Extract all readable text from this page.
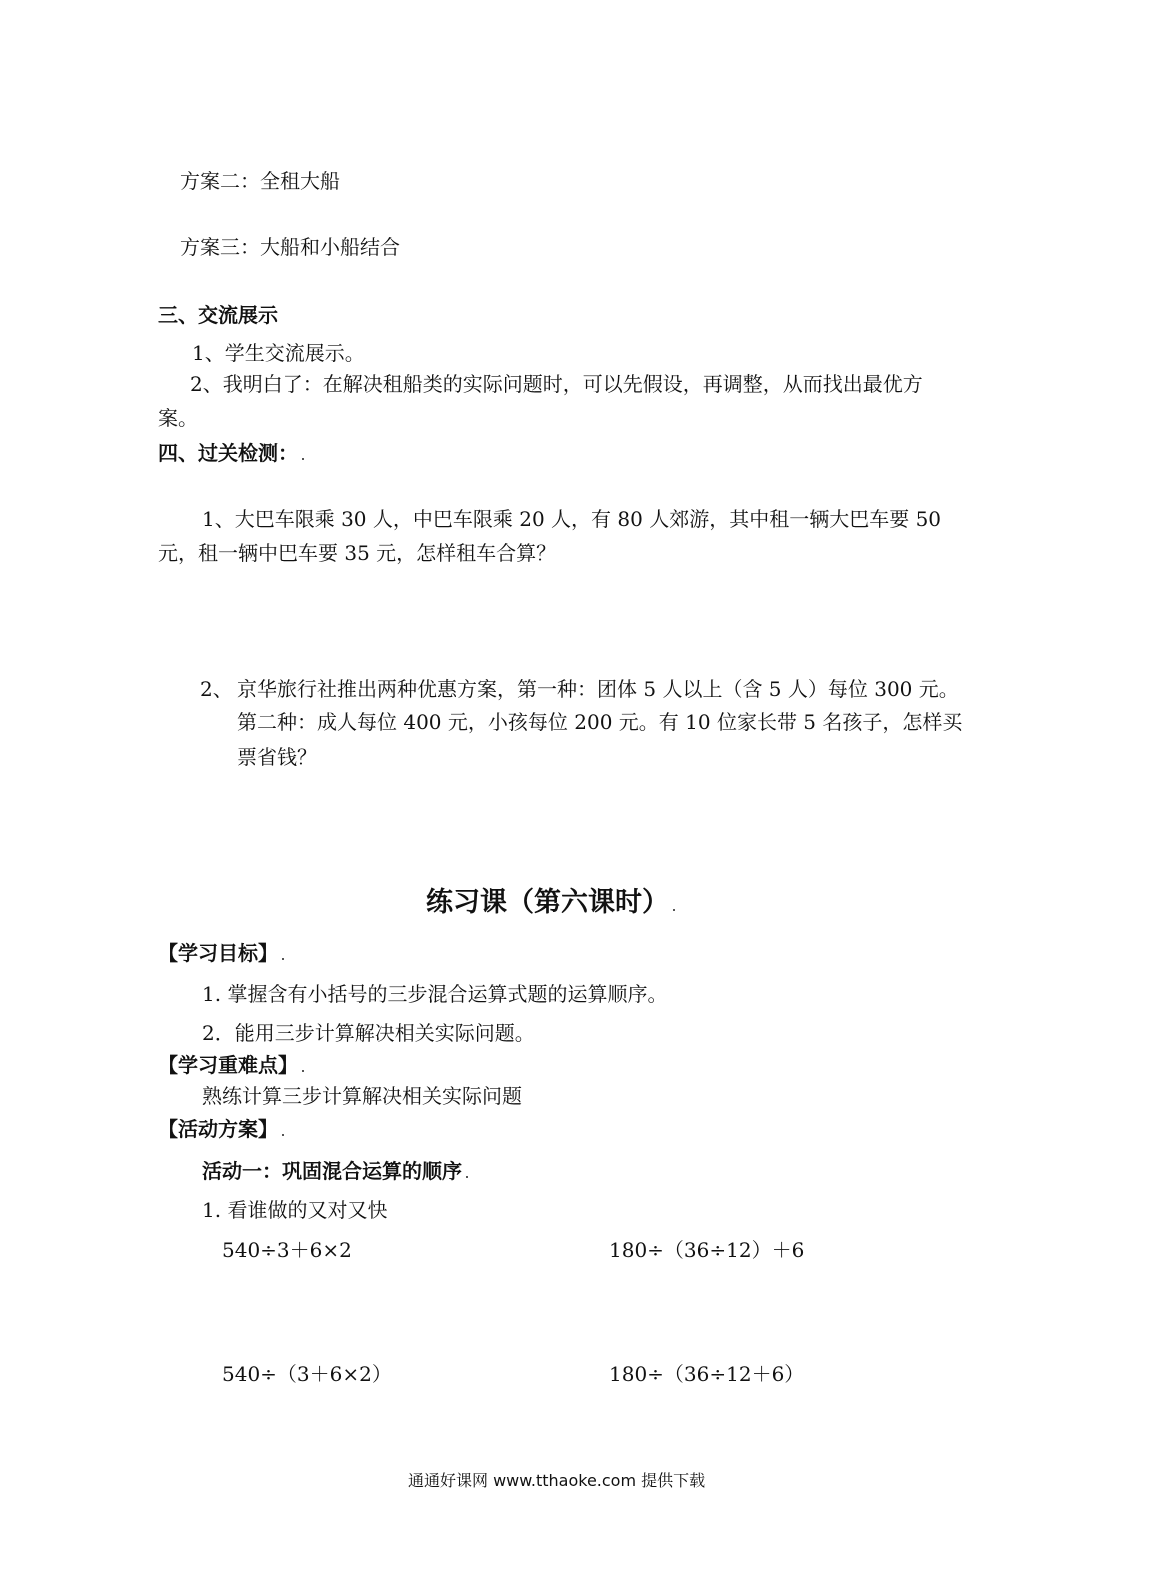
方案二：全租大船
方案三：大船和小船结合
三、交流展示
1、学生交流展示。
2、我明白了：在解决租船类的实际问题时，可以先假设，再调整，从而找出最优方
案。
四、过关检测：
1、大巴车限乘 30 人，中巴车限乘 20 人，有 80 人郊游，其中租一辆大巴车要 50
元，租一辆中巴车要 35 元，怎样租车合算？
2、 京华旅行社推出两种优惠方案，第一种：团体 5 人以上（含 5 人）每位 300 元。
第二种：成人每位 400 元，小孩每位 200 元。有 10 位家长带 5 名孩子，怎样买
票省钱？
练习课（第六课时）
【学习目标】
1. 掌握含有小括号的三步混合运算式题的运算顺序。
2．能用三步计算解决相关实际问题。
【学习重难点】
熟练计算三步计算解决相关实际问题
【活动方案】
活动一：巩固混合运算的顺序
1. 看谁做的又对又快
540÷3＋6×2	180÷（36÷12）＋6
540÷（3＋6×2）	180÷（36÷12＋6）
通通好课网 www.tthaoke.com 提供下载
